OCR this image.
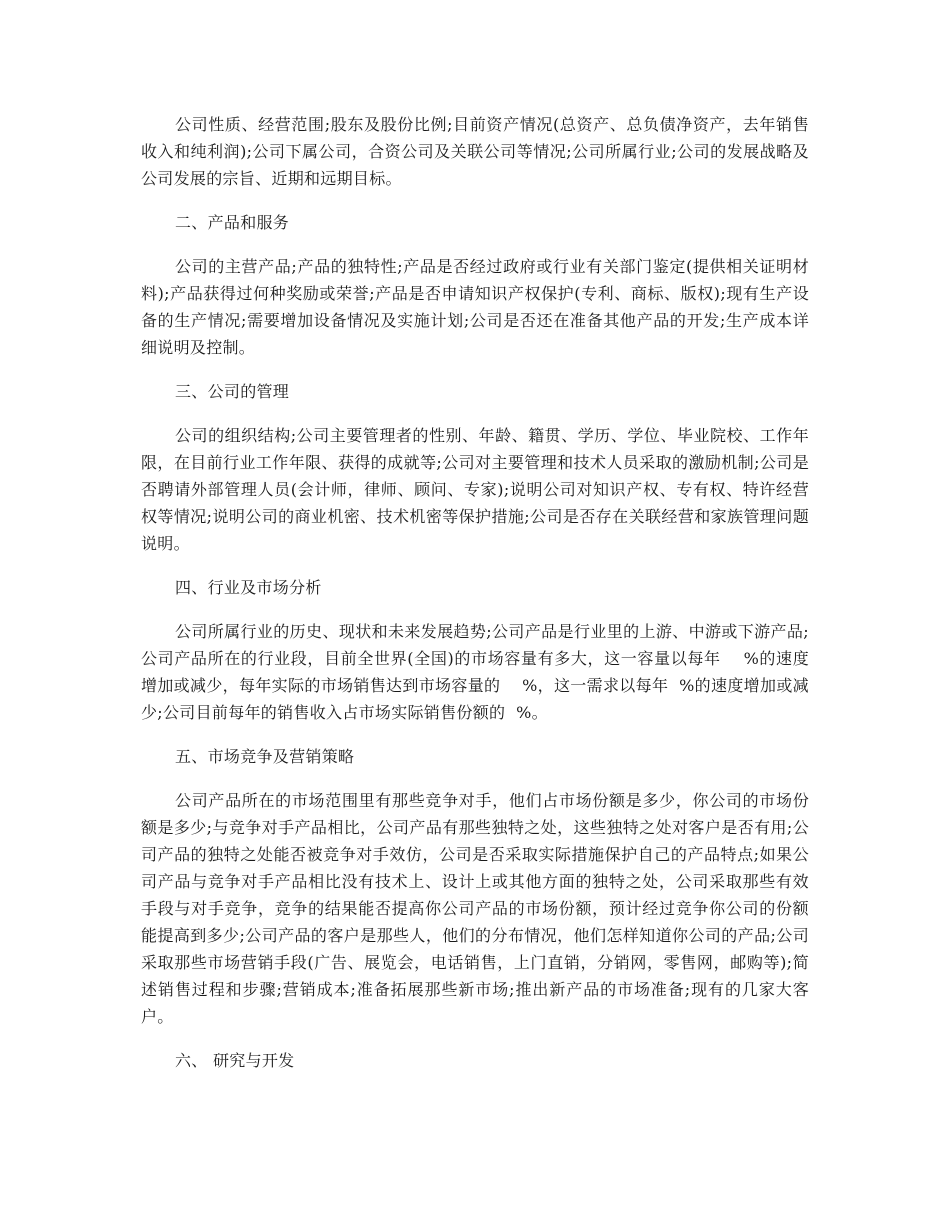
公司性质、经营范围;股东及股份比例;目前资产情况(总资产、总负债净资产，去年销售收入和纯利润);公司下属公司，合资公司及关联公司等情况;公司所属行业;公司的发展战略及公司发展的宗旨、近期和远期目标。

二、产品和服务

公司的主营产品;产品的独特性;产品是否经过政府或行业有关部门鉴定(提供相关证明材料);产品获得过何种奖励或荣誉;产品是否申请知识产权保护(专利、商标、版权);现有生产设备的生产情况;需要增加设备情况及实施计划;公司是否还在准备其他产品的开发;生产成本详细说明及控制。

三、公司的管理

公司的组织结构;公司主要管理者的性别、年龄、籍贯、学历、学位、毕业院校、工作年限，在目前行业工作年限、获得的成就等;公司对主要管理和技术人员采取的激励机制;公司是否聘请外部管理人员(会计师，律师、顾问、专家);说明公司对知识产权、专有权、特许经营权等情况;说明公司的商业机密、技术机密等保护措施;公司是否存在关联经营和家族管理问题说明。

四、行业及市场分析

公司所属行业的历史、现状和未来发展趋势;公司产品是行业里的上游、中游或下游产品;公司产品所在的行业段，目前全世界(全国)的市场容量有多大，这一容量以每年    %的速度增加或减少，每年实际的市场销售达到市场容量的    %，这一需求以每年  %的速度增加或减少;公司目前每年的销售收入占市场实际销售份额的  %。

五、市场竞争及营销策略

公司产品所在的市场范围里有那些竞争对手，他们占市场份额是多少，你公司的市场份额是多少;与竞争对手产品相比，公司产品有那些独特之处，这些独特之处对客户是否有用;公司产品的独特之处能否被竞争对手效仿，公司是否采取实际措施保护自己的产品特点;如果公司产品与竞争对手产品相比没有技术上、设计上或其他方面的独特之处，公司采取那些有效手段与对手竞争，竞争的结果能否提高你公司产品的市场份额，预计经过竞争你公司的份额能提高到多少;公司产品的客户是那些人，他们的分布情况，他们怎样知道你公司的产品;公司采取那些市场营销手段(广告、展览会，电话销售，上门直销，分销网，零售网，邮购等);简述销售过程和步骤;营销成本;准备拓展那些新市场;推出新产品的市场准备;现有的几家大客户。

六、 研究与开发
